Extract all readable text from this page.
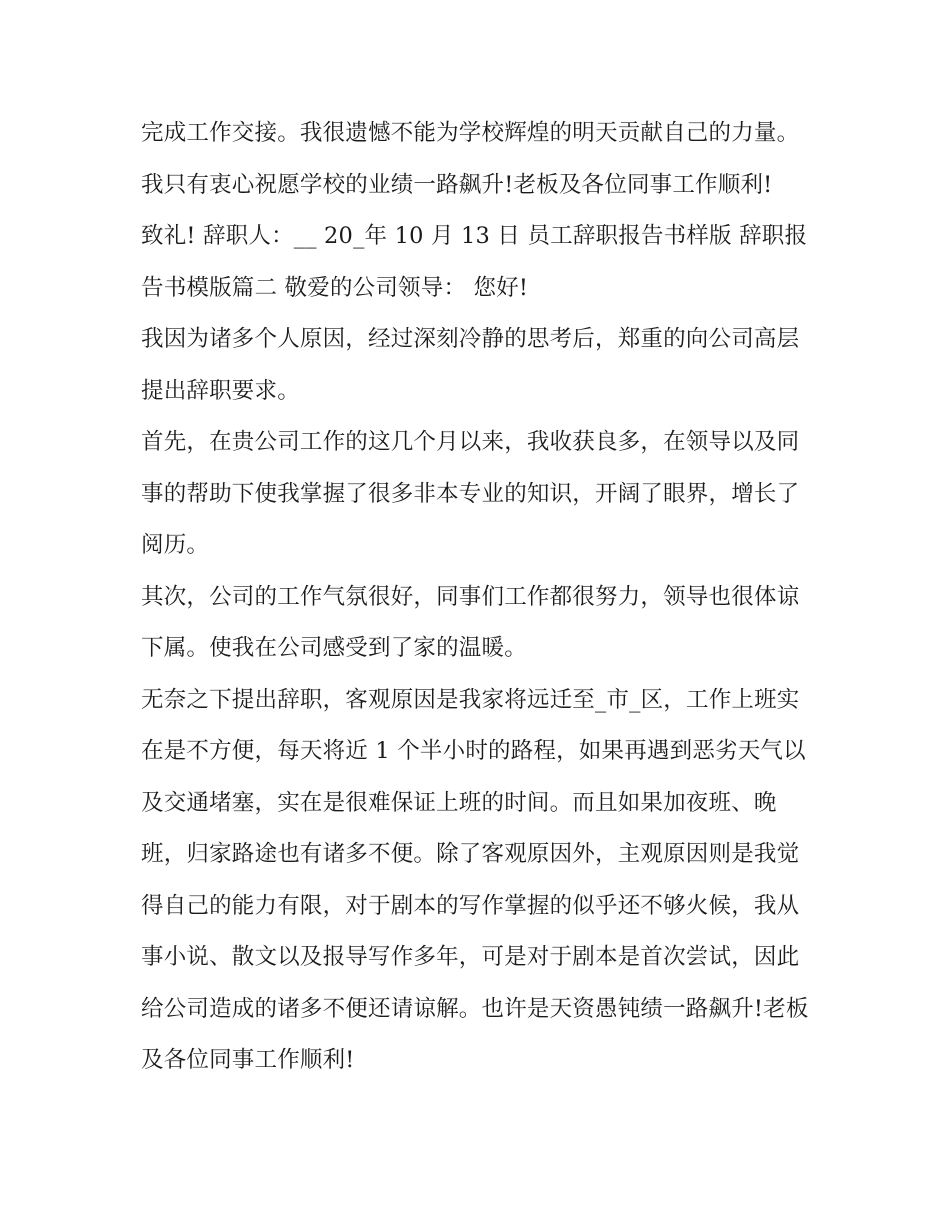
完成工作交接。我很遗憾不能为学校辉煌的明天贡献自己的力量。我只有衷心祝愿学校的业绩一路飙升!老板及各位同事工作顺利!

致礼! 辞职人：__ 20_年 10 月 13 日 员工辞职报告书样版 辞职报告书模版篇二 敬爱的公司领导： 您好!

我因为诸多个人原因，经过深刻冷静的思考后，郑重的向公司高层提出辞职要求。

首先，在贵公司工作的这几个月以来，我收获良多，在领导以及同事的帮助下使我掌握了很多非本专业的知识，开阔了眼界，增长了阅历。

其次，公司的工作气氛很好，同事们工作都很努力，领导也很体谅下属。使我在公司感受到了家的温暖。

无奈之下提出辞职，客观原因是我家将远迁至_市_区，工作上班实在是不方便，每天将近 1 个半小时的路程，如果再遇到恶劣天气以及交通堵塞，实在是很难保证上班的时间。而且如果加夜班、晚班，归家路途也有诸多不便。除了客观原因外，主观原因则是我觉得自己的能力有限，对于剧本的写作掌握的似乎还不够火候，我从事小说、散文以及报导写作多年，可是对于剧本是首次尝试，因此给公司造成的诸多不便还请谅解。也许是天资愚钝绩一路飙升!老板及各位同事工作顺利!
